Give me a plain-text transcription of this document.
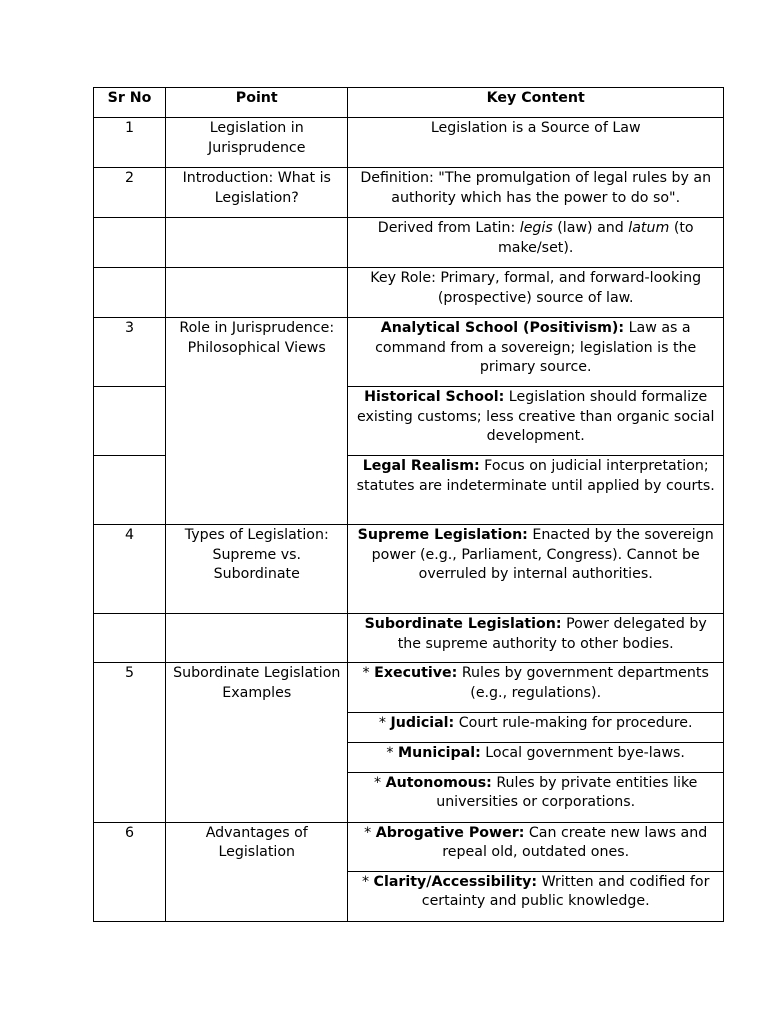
Sr No	Point	Key Content
1	Legislation in Jurisprudence	Legislation is a Source of Law
2	Introduction: What is Legislation?	Definition: "The promulgation of legal rules by an authority which has the power to do so".
		Derived from Latin: legis (law) and latum (to make/set).
		Key Role: Primary, formal, and forward-looking (prospective) source of law.
3	Role in Jurisprudence: Philosophical Views	Analytical School (Positivism): Law as a command from a sovereign; legislation is the primary source.
		Historical School: Legislation should formalize existing customs; less creative than organic social development.
		Legal Realism: Focus on judicial interpretation; statutes are indeterminate until applied by courts.
4	Types of Legislation: Supreme vs. Subordinate	Supreme Legislation: Enacted by the sovereign power (e.g., Parliament, Congress). Cannot be overruled by internal authorities.
		Subordinate Legislation: Power delegated by the supreme authority to other bodies.
5	Subordinate Legislation Examples	* Executive: Rules by government departments (e.g., regulations).
		* Judicial: Court rule-making for procedure.
		* Municipal: Local government bye-laws.
		* Autonomous: Rules by private entities like universities or corporations.
6	Advantages of Legislation	* Abrogative Power: Can create new laws and repeal old, outdated ones.
		* Clarity/Accessibility: Written and codified for certainty and public knowledge.
